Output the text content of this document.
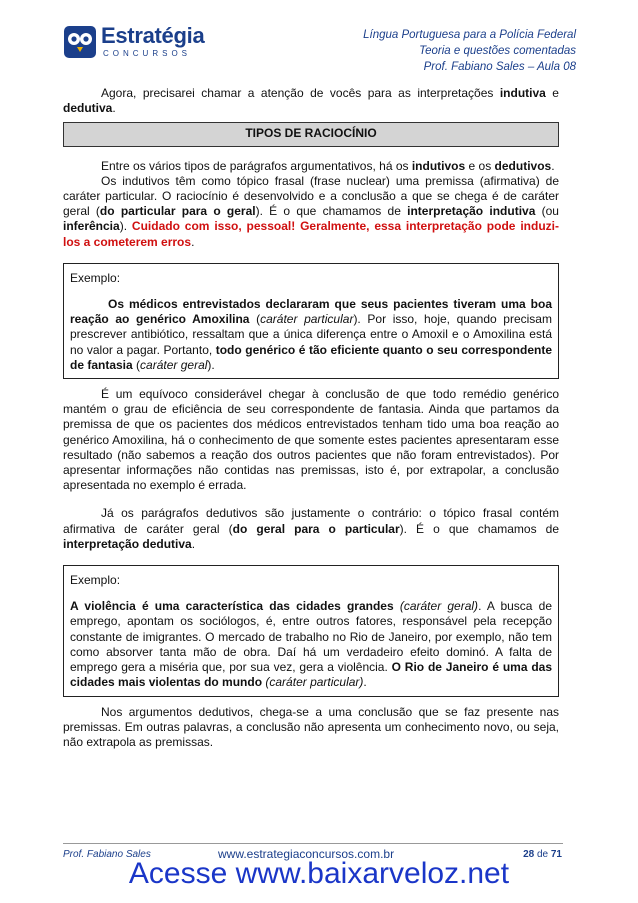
Estratégia
CONCURSOS
Língua Portuguesa para a Polícia Federal
Teoria e questões comentadas
Prof. Fabiano Sales – Aula 08

Agora, precisarei chamar a atenção de vocês para as interpretações indutiva e dedutiva.

TIPOS DE RACIOCÍNIO

Entre os vários tipos de parágrafos argumentativos, há os indutivos e os dedutivos.

Os indutivos têm como tópico frasal (frase nuclear) uma premissa (afirmativa) de caráter particular. O raciocínio é desenvolvido e a conclusão a que se chega é de caráter geral (do particular para o geral). É o que chamamos de interpretação indutiva (ou inferência). Cuidado com isso, pessoal! Geralmente, essa interpretação pode induzi-los a cometerem erros.

Exemplo:

Os médicos entrevistados declararam que seus pacientes tiveram uma boa reação ao genérico Amoxilina (caráter particular). Por isso, hoje, quando precisam prescrever antibiótico, ressaltam que a única diferença entre o Amoxil e o Amoxilina está no valor a pagar. Portanto, todo genérico é tão eficiente quanto o seu correspondente de fantasia (caráter geral).

É um equívoco considerável chegar à conclusão de que todo remédio genérico mantém o grau de eficiência de seu correspondente de fantasia. Ainda que partamos da premissa de que os pacientes dos médicos entrevistados tenham tido uma boa reação ao genérico Amoxilina, há o conhecimento de que somente estes pacientes apresentaram esse resultado (não sabemos a reação dos outros pacientes que não foram entrevistados). Por apresentar informações não contidas nas premissas, isto é, por extrapolar, a conclusão apresentada no exemplo é errada.

Já os parágrafos dedutivos são justamente o contrário: o tópico frasal contém afirmativa de caráter geral (do geral para o particular). É o que chamamos de interpretação dedutiva.

Exemplo:

A violência é uma característica das cidades grandes (caráter geral). A busca de emprego, apontam os sociólogos, é, entre outros fatores, responsável pela recepção constante de imigrantes. O mercado de trabalho no Rio de Janeiro, por exemplo, não tem como absorver tanta mão de obra. Daí há um verdadeiro efeito dominó. A falta de emprego gera a miséria que, por sua vez, gera a violência. O Rio de Janeiro é uma das cidades mais violentas do mundo (caráter particular).

Nos argumentos dedutivos, chega-se a uma conclusão que se faz presente nas premissas. Em outras palavras, a conclusão não apresenta um conhecimento novo, ou seja, não extrapola as premissas.

Prof. Fabiano Sales	www.estrategiaconcursos.com.br	28 de 71
Acesse www.baixarveloz.net
